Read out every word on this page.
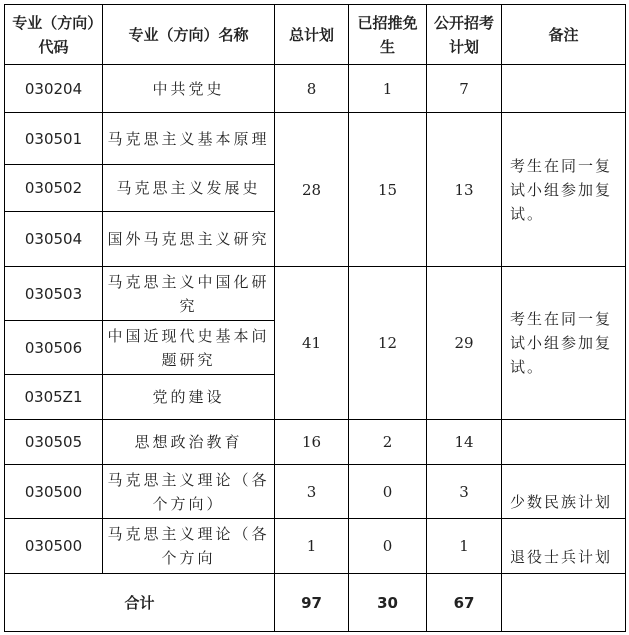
专业（方向）代码	专业（方向）名称	总计划	已招推免生	公开招考计划	备注
030204	中共党史	8	1	7	
030501	马克思主义基本原理	28	15	13	考生在同一复试小组参加复试。
030502	马克思主义发展史				
030504	国外马克思主义研究				
030503	马克思主义中国化研究	41	12	29	考生在同一复试小组参加复试。
030506	中国近现代史基本问题研究				
0305Z1	党的建设				
030505	思想政治教育	16	2	14	
030500	马克思主义理论（各个方向）	3	0	3	少数民族计划
030500	马克思主义理论（各个方向	1	0	1	退役士兵计划
合计		97	30	67	
